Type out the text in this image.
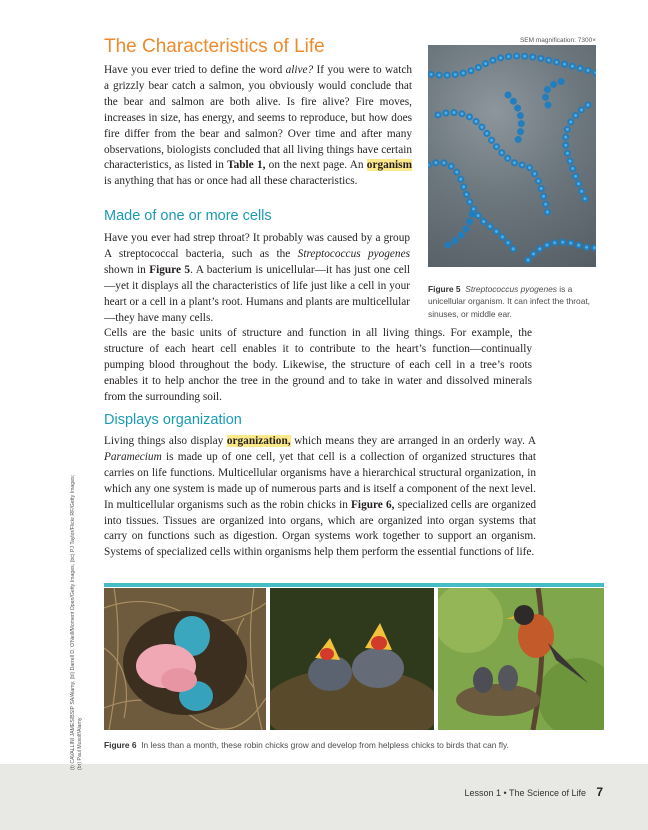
The Characteristics of Life

Have you ever tried to define the word alive? If you were to watch a grizzly bear catch a salmon, you obviously would conclude that the bear and salmon are both alive. Is fire alive? Fire moves, increases in size, has energy, and seems to reproduce, but how does fire differ from the bear and salmon? Over time and after many observations, biologists concluded that all living things have certain characteristics, as listed in Table 1, on the next page. An organism is anything that has or once had all these characteristics.

Made of one or more cells

Have you ever had strep throat? It probably was caused by a group A streptococcal bacteria, such as the Streptococcus pyogenes shown in Figure 5. A bacterium is unicellular—it has just one cell—yet it displays all the characteristics of life just like a cell in your heart or a cell in a plant’s root. Humans and plants are multicellular—they have many cells.

Cells are the basic units of structure and function in all living things. For example, the structure of each heart cell enables it to contribute to the heart’s function—continually pumping blood throughout the body. Likewise, the structure of each cell in a tree’s roots enables it to help anchor the tree in the ground and to take in water and dissolved minerals from the surrounding soil.

Displays organization

Living things also display organization, which means they are arranged in an orderly way. A Paramecium is made up of one cell, yet that cell is a collection of organized structures that carries on life functions. Multicellular organisms have a hierarchical structural organization, in which any one system is made up of numerous parts and is itself a component of the next level. In multicellular organisms such as the robin chicks in Figure 6, specialized cells are organized into tissues. Tissues are organized into organs, which are organized into organ systems that carry on functions such as digestion. Organ systems work together to support an organism. Systems of specialized cells within organisms help them perform the essential functions of life.

SEM magnification: 7300×
Figure 5 Streptococcus pyogenes is a unicellular organism. It can infect the throat, sinuses, or middle ear.
Figure 6 In less than a month, these robin chicks grow and develop from helpless chicks to birds that can fly.
Lesson 1 • The Science of Life 7
(t) CAVALLINI JAMES/BSIP SA/Alamy, (bl) Darrell D. O'Neill/Moment Open/Getty Images, (bc) PJ Taylor/Flickr RF/Getty Images; (br) Paul Musolf/Alamy
